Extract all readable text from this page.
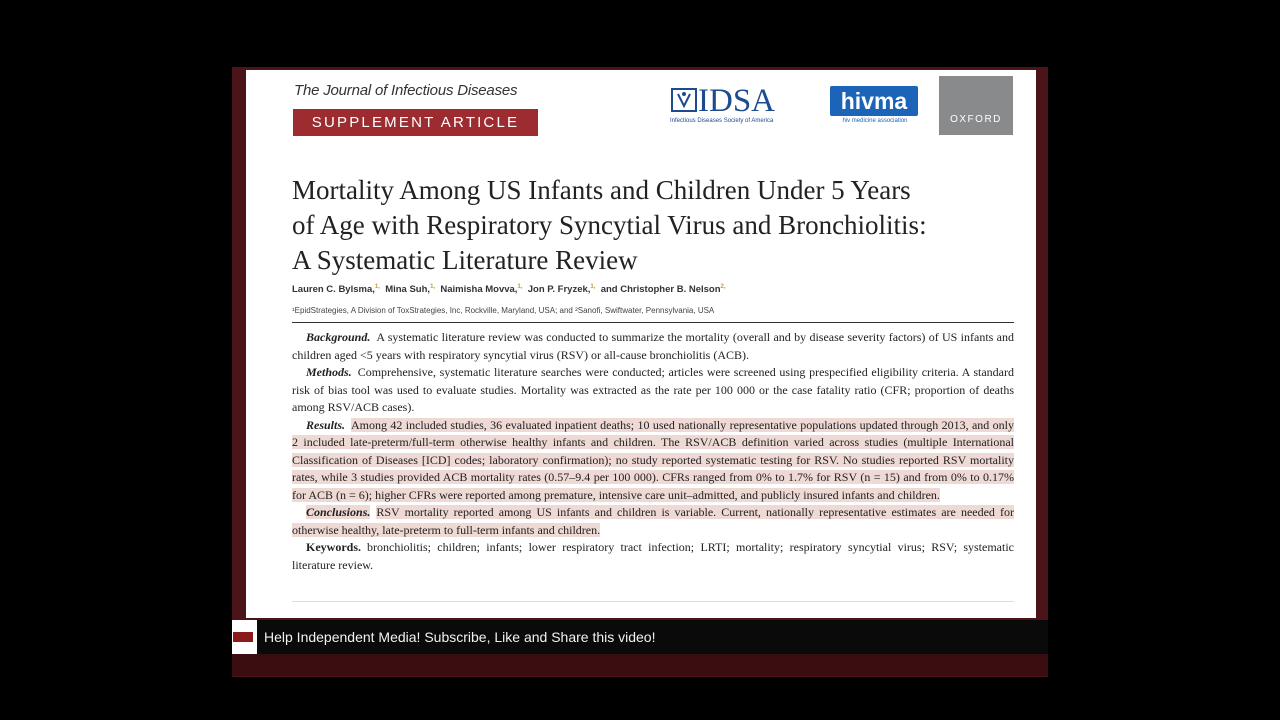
The Journal of Infectious Diseases
SUPPLEMENT ARTICLE
IDSA
Infectious Diseases Society of America
hivma
hiv medicine association	OXFORD
Mortality Among US Infants and Children Under 5 Years
of Age with Respiratory Syncytial Virus and Bronchiolitis:
A Systematic Literature Review
Lauren C. Bylsma,$^{1,}$ Mina Suh,$^{1,}$ Naimisha Movva,$^{1,}$ Jon P. Fryzek,$^{1,}$ and Christopher B. Nelson$^{2,}$
¹EpidStrategies, A Division of ToxStrategies, Inc, Rockville, Maryland, USA; and ²Sanofi, Swiftwater, Pennsylvania, USA

Background. A systematic literature review was conducted to summarize the mortality (overall and by disease severity factors) of US infants and children aged <5 years with respiratory syncytial virus (RSV) or all-cause bronchiolitis (ACB).

Methods. Comprehensive, systematic literature searches were conducted; articles were screened using prespecified eligibility criteria. A standard risk of bias tool was used to evaluate studies. Mortality was extracted as the rate per 100 000 or the case fatality ratio (CFR; proportion of deaths among RSV/ACB cases).

Results. Among 42 included studies, 36 evaluated inpatient deaths; 10 used nationally representative populations updated through 2013, and only 2 included late-preterm/full-term otherwise healthy infants and children. The RSV/ACB definition varied across studies (multiple International Classification of Diseases [ICD] codes; laboratory confirmation); no study reported systematic testing for RSV. No studies reported RSV mortality rates, while 3 studies provided ACB mortality rates (0.57–9.4 per 100 000). CFRs ranged from 0% to 1.7% for RSV (n = 15) and from 0% to 0.17% for ACB (n = 6); higher CFRs were reported among premature, intensive care unit–admitted, and publicly insured infants and children.

Conclusions. RSV mortality reported among US infants and children is variable. Current, nationally representative estimates are needed for otherwise healthy, late-preterm to full-term infants and children.

Keywords. bronchiolitis; children; infants; lower respiratory tract infection; LRTI; mortality; respiratory syncytial virus; RSV; systematic literature review.

Help Independent Media! Subscribe, Like and Share this video!
